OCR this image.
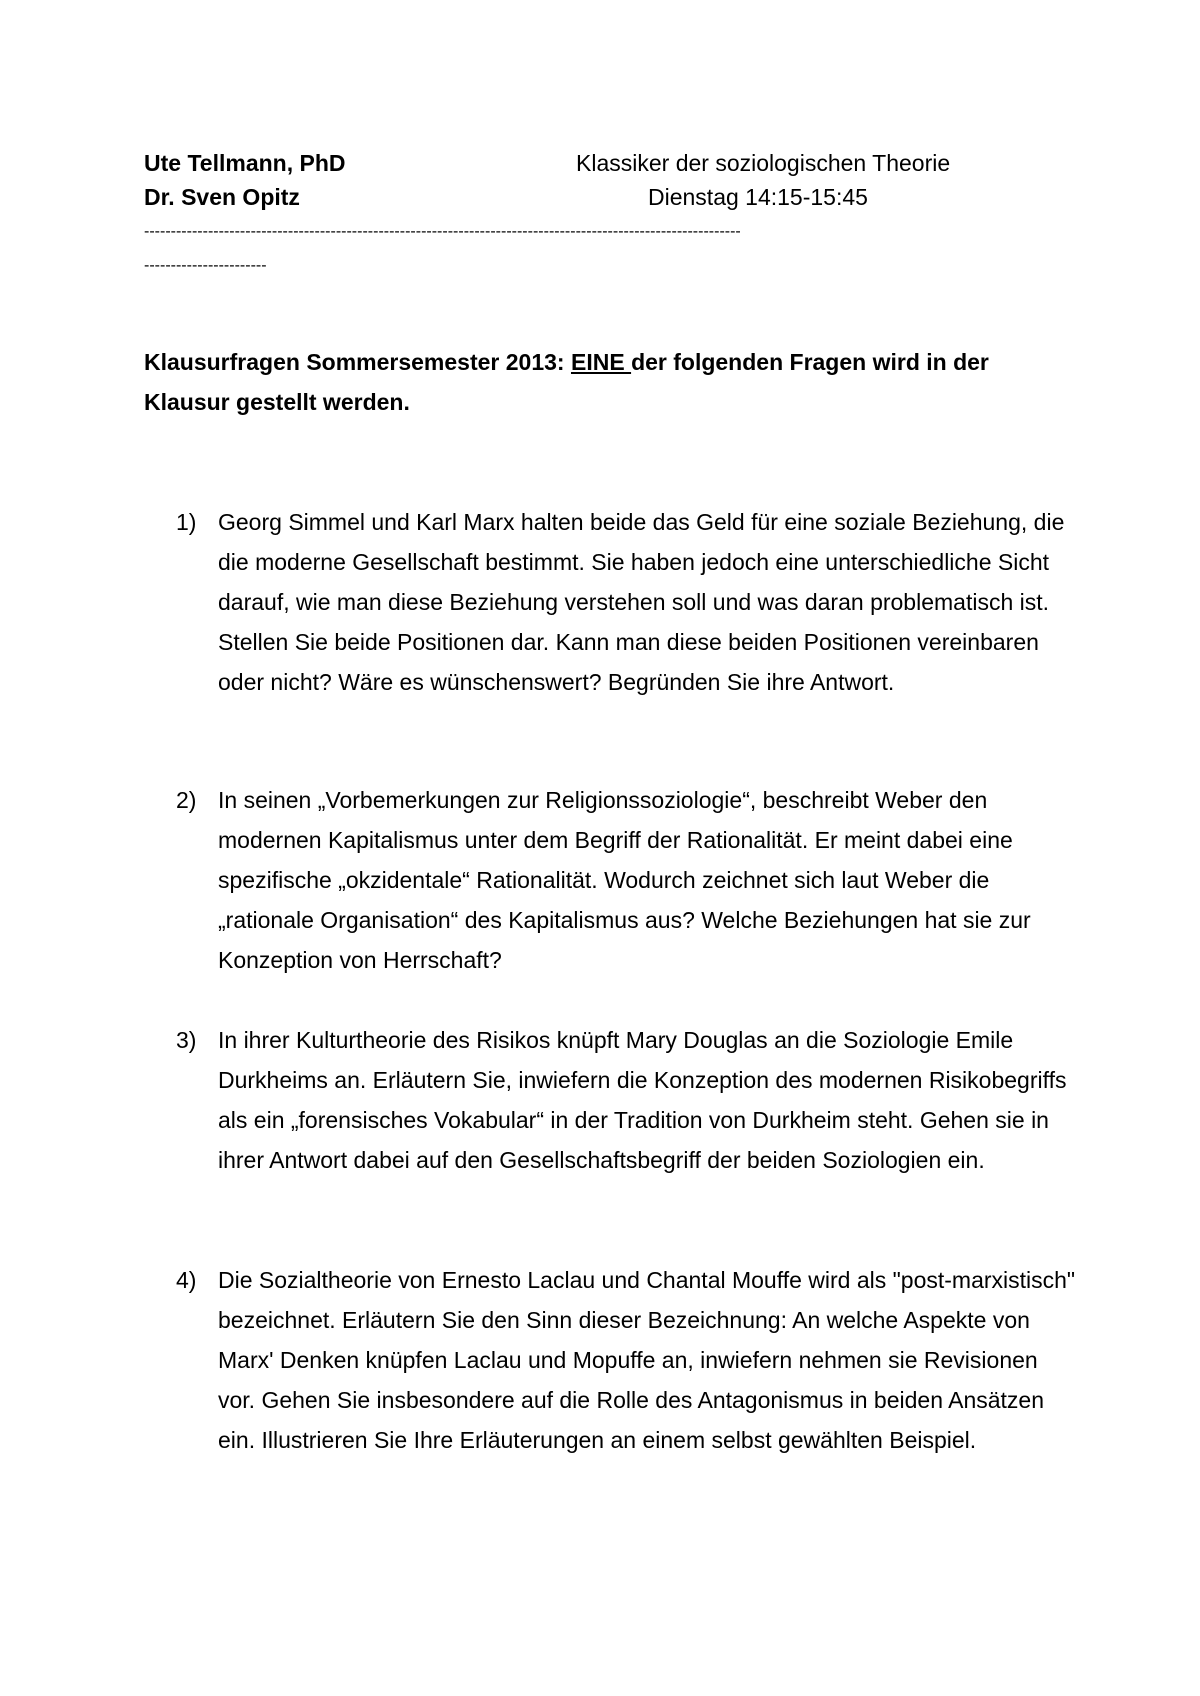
Ute Tellmann, PhD
Dr. Sven Opitz
Klassiker der soziologischen Theorie
Dienstag 14:15-15:45
----------------------------------------------------------------------------------------------------------------
-----------------------
Klausurfragen Sommersemester 2013: EINE der folgenden Fragen wird in der Klausur gestellt werden.
1) Georg Simmel und Karl Marx halten beide das Geld für eine soziale Beziehung, die die moderne Gesellschaft bestimmt. Sie haben jedoch eine unterschiedliche Sicht darauf, wie man diese Beziehung verstehen soll und was daran problematisch ist. Stellen Sie beide Positionen dar. Kann man diese beiden Positionen vereinbaren oder nicht? Wäre es wünschenswert? Begründen Sie ihre Antwort.
2) In seinen „Vorbemerkungen zur Religionssoziologie“, beschreibt Weber den modernen Kapitalismus unter dem Begriff der Rationalität. Er meint dabei eine spezifische „okzidentale“ Rationalität. Wodurch zeichnet sich laut Weber die „rationale Organisation“ des Kapitalismus aus? Welche Beziehungen hat sie zur Konzeption von Herrschaft?
3) In ihrer Kulturtheorie des Risikos knüpft Mary Douglas an die Soziologie Emile Durkheims an. Erläutern Sie, inwiefern die Konzeption des modernen Risikobegriffs als ein „forensisches Vokabular“ in der Tradition von Durkheim steht. Gehen sie in ihrer Antwort dabei auf den Gesellschaftsbegriff der beiden Soziologien ein.
4) Die Sozialtheorie von Ernesto Laclau und Chantal Mouffe wird als "post-marxistisch" bezeichnet. Erläutern Sie den Sinn dieser Bezeichnung: An welche Aspekte von Marx' Denken knüpfen Laclau und Mopuffe an, inwiefern nehmen sie Revisionen vor. Gehen Sie insbesondere auf die Rolle des Antagonismus in beiden Ansätzen ein. Illustrieren Sie Ihre Erläuterungen an einem selbst gewählten Beispiel.
